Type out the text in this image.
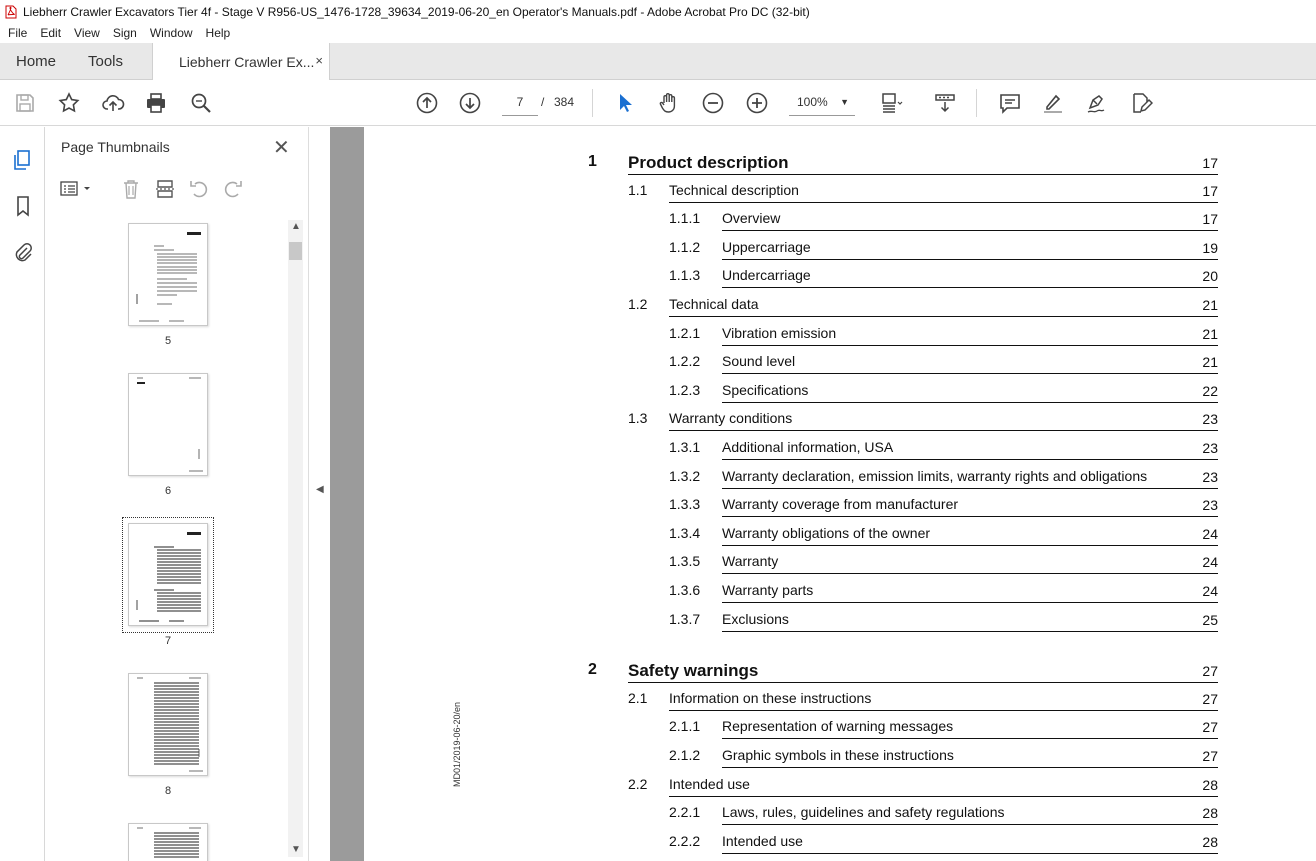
Liebherr Crawler Excavators Tier 4f - Stage V R956-US_1476-1728_39634_2019-06-20_en Operator's Manuals.pdf - Adobe Acrobat Pro DC (32-bit)
File	Edit	View	Sign	Window	Help
Home Tools	Liebherr Crawler Ex... ×
7	/ 384	100% ▼
Page Thumbnails	✕
5
6
7
8
▲
▼
◀
MD01/2019-06-20/en
1 Product description	17
1.1 Technical description	17
1.1.1 Overview	17
1.1.2 Uppercarriage	19
1.1.3 Undercarriage	20
1.2 Technical data	21
1.2.1 Vibration emission	21
1.2.2 Sound level	21
1.2.3 Specifications	22
1.3 Warranty conditions	23
1.3.1 Additional information, USA	23
1.3.2 Warranty declaration, emission limits, warranty rights and obligations	23
1.3.3 Warranty coverage from manufacturer	23
1.3.4 Warranty obligations of the owner	24
1.3.5 Warranty	24
1.3.6 Warranty parts	24
1.3.7 Exclusions	25
2 Safety warnings	27
2.1 Information on these instructions	27
2.1.1 Representation of warning messages	27
2.1.2 Graphic symbols in these instructions	27
2.2 Intended use	28
2.2.1 Laws, rules, guidelines and safety regulations	28
2.2.2 Intended use	28
